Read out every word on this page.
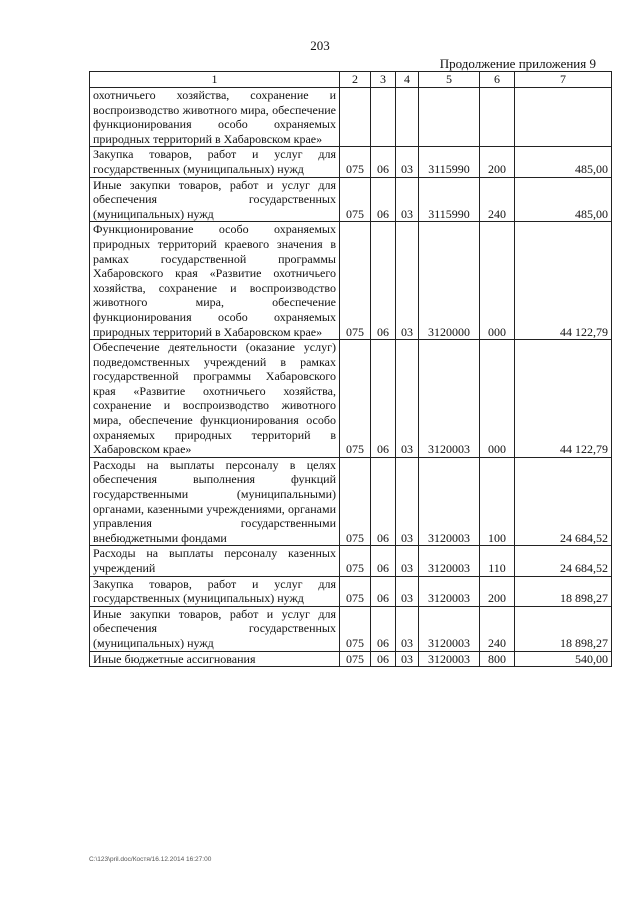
203
Продолжение приложения 9
1	2	3	4	5	6	7
охотничьего хозяйства, сохранение и воспроизводство животного мира, обеспечение функционирования особо охраняемых природных территорий в Хабаровском крае»						
Закупка товаров, работ и услуг для государственных (муниципальных) нужд	075	06	03	3115990	200	485,00
Иные закупки товаров, работ и услуг для обеспечения государственных (муниципальных) нужд	075	06	03	3115990	240	485,00
Функционирование особо охраняемых природных территорий краевого значения в рамках государственной программы Хабаровского края «Развитие охотничьего хозяйства, сохранение и воспроизводство животного мира, обеспечение функционирования особо охраняемых природных территорий в Хабаровском крае»	075	06	03	3120000	000	44 122,79
Обеспечение деятельности (оказание услуг) подведомственных учреждений в рамках государственной программы Хабаровского края «Развитие охотничьего хозяйства, сохранение и воспроизводство животного мира, обеспечение функционирования особо охраняемых природных территорий в Хабаровском крае»	075	06	03	3120003	000	44 122,79
Расходы на выплаты персоналу в целях обеспечения выполнения функций государственными (муниципальными) органами, казенными учреждениями, органами управления государственными внебюджетными фондами	075	06	03	3120003	100	24 684,52
Расходы на выплаты персоналу казенных учреждений	075	06	03	3120003	110	24 684,52
Закупка товаров, работ и услуг для государственных (муниципальных) нужд	075	06	03	3120003	200	18 898,27
Иные закупки товаров, работ и услуг для обеспечения государственных (муниципальных) нужд	075	06	03	3120003	240	18 898,27
Иные бюджетные ассигнования	075	06	03	3120003	800	540,00
C:\123\pril.doc/Костя/16.12.2014 16:27:00
